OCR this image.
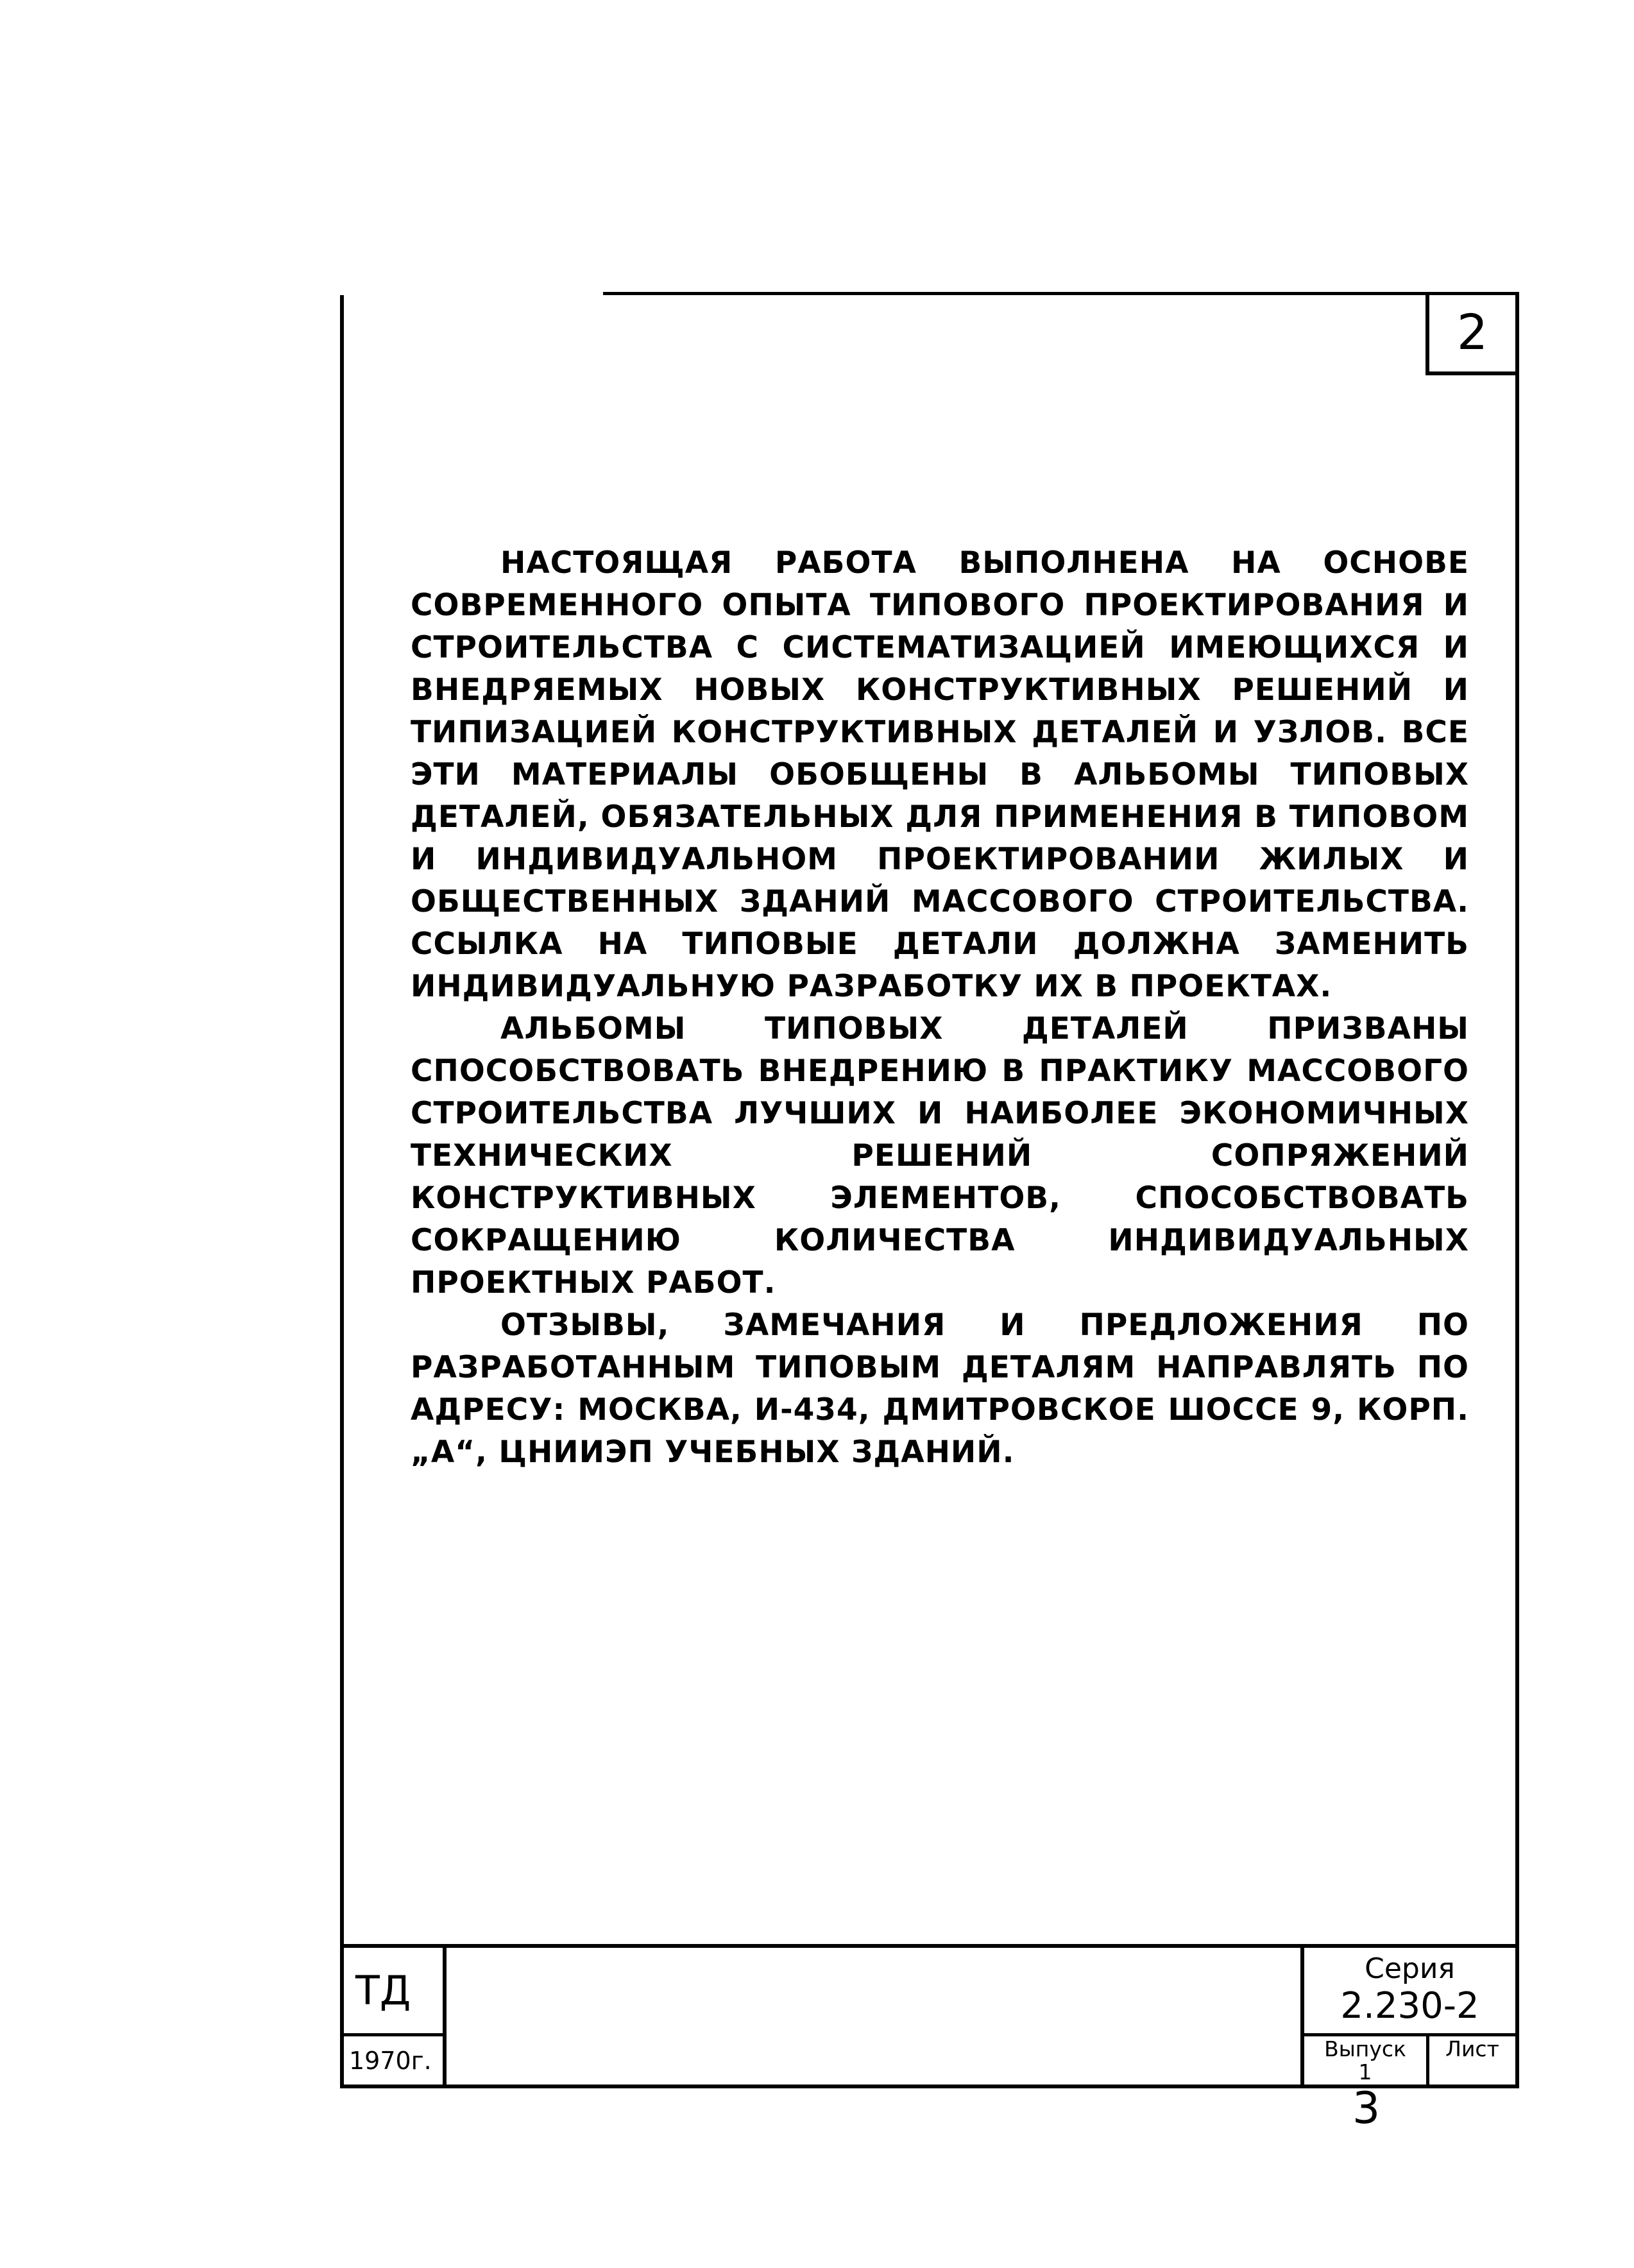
2

НАСТОЯЩАЯ РАБОТА ВЫПОЛНЕНА НА ОСНОВЕ СОВРЕМЕННОГО ОПЫТА ТИПОВОГО ПРОЕКТИРОВАНИЯ И СТРОИТЕЛЬСТВА С СИСТЕМАТИЗАЦИЕЙ ИМЕЮЩИХСЯ И ВНЕДРЯЕМЫХ НОВЫХ КОНСТРУКТИВНЫХ РЕШЕНИЙ И ТИПИЗАЦИЕЙ КОНСТРУКТИВНЫХ ДЕТАЛЕЙ И УЗЛОВ. ВСЕ ЭТИ МАТЕРИАЛЫ ОБОБЩЕНЫ В АЛЬБОМЫ ТИПОВЫХ ДЕТАЛЕЙ, ОБЯЗАТЕЛЬНЫХ ДЛЯ ПРИМЕНЕНИЯ В ТИПОВОМ И ИНДИВИДУАЛЬНОМ ПРОЕКТИРОВАНИИ ЖИЛЫХ И ОБЩЕСТВЕННЫХ ЗДАНИЙ МАССОВОГО СТРОИТЕЛЬСТВА. ССЫЛКА НА ТИПОВЫЕ ДЕТАЛИ ДОЛЖНА ЗАМЕНИТЬ ИНДИВИДУАЛЬНУЮ РАЗРАБОТКУ ИХ В ПРОЕКТАХ.

АЛЬБОМЫ ТИПОВЫХ ДЕТАЛЕЙ ПРИЗВАНЫ СПОСОБСТВОВАТЬ ВНЕДРЕНИЮ В ПРАКТИКУ МАССОВОГО СТРОИТЕЛЬСТВА ЛУЧШИХ И НАИБОЛЕЕ ЭКОНОМИЧНЫХ ТЕХНИЧЕСКИХ РЕШЕНИЙ СОПРЯЖЕНИЙ КОНСТРУКТИВНЫХ ЭЛЕМЕНТОВ, СПОСОБСТВОВАТЬ СОКРАЩЕНИЮ КОЛИЧЕСТВА ИНДИВИДУАЛЬНЫХ ПРОЕКТНЫХ РАБОТ.

ОТЗЫВЫ, ЗАМЕЧАНИЯ И ПРЕДЛОЖЕНИЯ ПО РАЗРАБОТАННЫМ ТИПОВЫМ ДЕТАЛЯМ НАПРАВЛЯТЬ ПО АДРЕСУ: МОСКВА, И-434, ДМИТРОВСКОЕ ШОССЕ 9, КОРП. „А“, ЦНИИЭП УЧЕБНЫХ ЗДАНИЙ.

ТД
1970г.
Серия
2.230-2
Выпуск
1
Лист
3
